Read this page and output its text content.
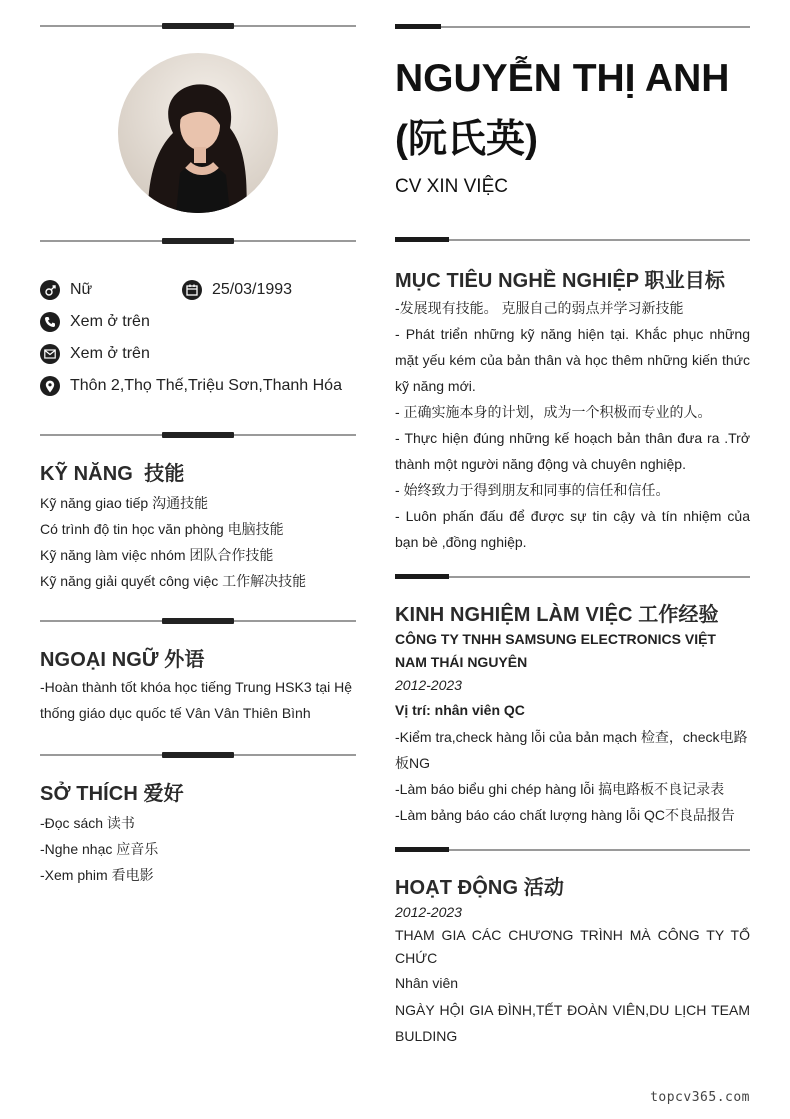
Nữ	25/03/1993
Xem ở trên
Xem ở trên
Thôn 2,Thọ Thế,Triệu Sơn,Thanh Hóa
KỸ NĂNG  技能
Kỹ năng giao tiếp 沟通技能
Có trình độ tin học văn phòng 电脑技能
Kỹ năng làm việc nhóm 团队合作技能
Kỹ năng giải quyết công việc 工作解决技能
NGOẠI NGỮ 外语
-Hoàn thành tốt khóa học tiếng Trung HSK3 tại Hệ thống giáo dục quốc tế Vân Vân Thiên Bình
SỞ THÍCH 爱好
-Đọc sách 读书
-Nghe nhạc 应音乐
-Xem phim 看电影
NGUYỄN THỊ ANH (阮氏英)
CV XIN VIỆC
MỤC TIÊU NGHỀ NGHIỆP 职业目标
-发展现有技能。 克服自己的弱点并学习新技能
- Phát triển những kỹ năng hiện tại. Khắc phục những mặt yếu kém của bản thân và học thêm những kiến thức kỹ năng mới.
- 正确实施本身的计划，成为一个积极而专业的人。
- Thực hiện đúng những kế hoạch bản thân đưa ra .Trở thành một người năng động và chuyên nghiệp.
- 始终致力于得到朋友和同事的信任和信任。
- Luôn phấn đấu để được sự tin cậy và tín nhiệm của bạn bè ,đồng nghiệp.
KINH NGHIỆM LÀM VIỆC 工作经验
CÔNG TY TNHH SAMSUNG ELECTRONICS VIỆT NAM THÁI NGUYÊN
2012-2023
Vị trí: nhân viên QC
-Kiểm tra,check hàng lỗi của bản mạch 检查，check电路板NG
-Làm báo biểu ghi chép hàng lỗi 搞电路板不良记录表
-Làm bảng báo cáo chất lượng hàng lỗi QC不良品报告
HOẠT ĐỘNG 活动
2012-2023
THAM GIA CÁC CHƯƠNG TRÌNH MÀ CÔNG TY TỔ CHỨC
Nhân viên
NGÀY HỘI GIA ĐÌNH,TẾT ĐOÀN VIÊN,DU LỊCH TEAM BULDING
topcv365.com
